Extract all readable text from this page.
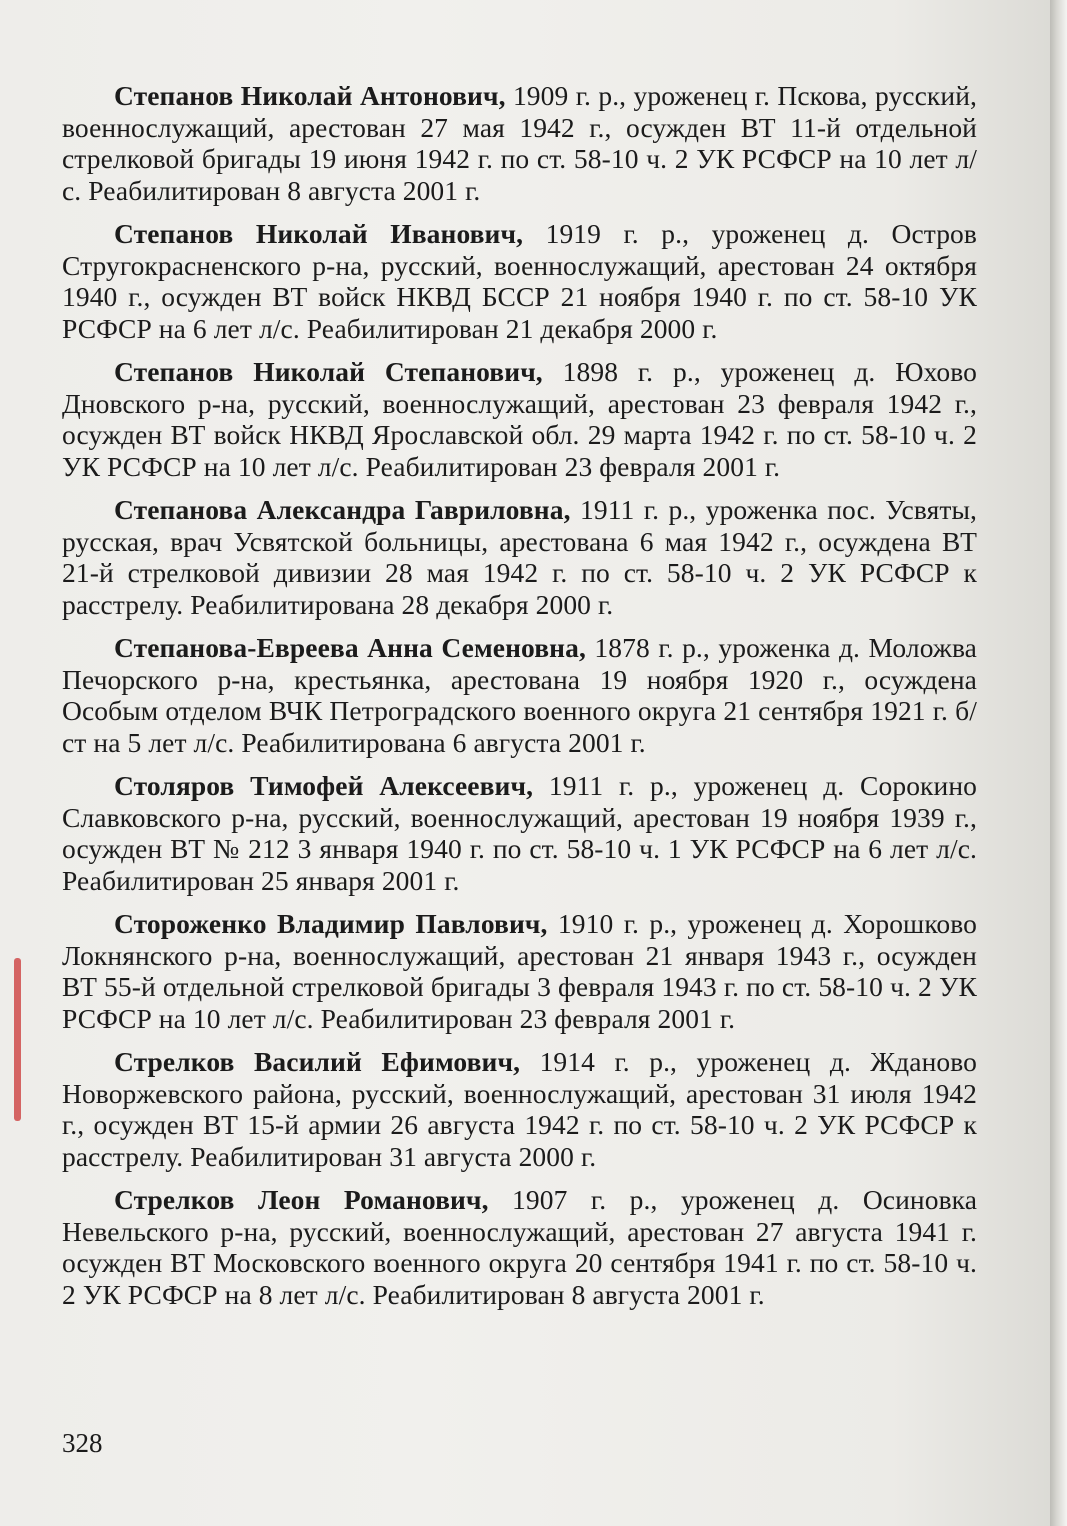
Степанов Николай Антонович, 1909 г. р., уроженец г. Пскова, русский, военнослужащий, арестован 27 мая 1942 г., осужден ВТ 11-й отдельной стрелковой бригады 19 июня 1942 г. по ст. 58-10 ч. 2 УК РСФСР на 10 лет л/с. Реабилитирован 8 августа 2001 г.

Степанов Николай Иванович, 1919 г. р., уроженец д. Остров Стругокрасненского р-на, русский, военнослужащий, арестован 24 октября 1940 г., осужден ВТ войск НКВД БССР 21 ноября 1940 г. по ст. 58-10 УК РСФСР на 6 лет л/с. Реабилитирован 21 декабря 2000 г.

Степанов Николай Степанович, 1898 г. р., уроженец д. Юхово Дновского р-на, русский, военнослужащий, арестован 23 февраля 1942 г., осужден ВТ войск НКВД Ярославской обл. 29 марта 1942 г. по ст. 58-10 ч. 2 УК РСФСР на 10 лет л/с. Реабилитирован 23 февраля 2001 г.

Степанова Александра Гавриловна, 1911 г. р., уроженка пос. Усвяты, русская, врач Усвятской больницы, арестована 6 мая 1942 г., осуждена ВТ 21-й стрелковой дивизии 28 мая 1942 г. по ст. 58-10 ч. 2 УК РСФСР к расстрелу. Реабилитирована 28 декабря 2000 г.

Степанова-Евреева Анна Семеновна, 1878 г. р., уроженка д. Моложва Печорского р-на, крестьянка, арестована 19 ноября 1920 г., осуждена Особым отделом ВЧК Петроградского военного округа 21 сентября 1921 г. б/ст на 5 лет л/с. Реабилитирована 6 августа 2001 г.

Столяров Тимофей Алексеевич, 1911 г. р., уроженец д. Сорокино Славковского р-на, русский, военнослужащий, арестован 19 ноября 1939 г., осужден ВТ № 212 3 января 1940 г. по ст. 58-10 ч. 1 УК РСФСР на 6 лет л/с. Реабилитирован 25 января 2001 г.

Стороженко Владимир Павлович, 1910 г. р., уроженец д. Хорошково Локнянского р-на, военнослужащий, арестован 21 января 1943 г., осужден ВТ 55-й отдельной стрелковой бригады 3 февраля 1943 г. по ст. 58-10 ч. 2 УК РСФСР на 10 лет л/с. Реабилитирован 23 февраля 2001 г.

Стрелков Василий Ефимович, 1914 г. р., уроженец д. Жданово Новоржевского района, русский, военнослужащий, арестован 31 июля 1942 г., осужден ВТ 15-й армии 26 августа 1942 г. по ст. 58-10 ч. 2 УК РСФСР к расстрелу. Реабилитирован 31 августа 2000 г.

Стрелков Леон Романович, 1907 г. р., уроженец д. Осиновка Невельского р-на, русский, военнослужащий, арестован 27 августа 1941 г. осужден ВТ Московского военного округа 20 сентября 1941 г. по ст. 58-10 ч. 2 УК РСФСР на 8 лет л/с. Реабилитирован 8 августа 2001 г.

328
